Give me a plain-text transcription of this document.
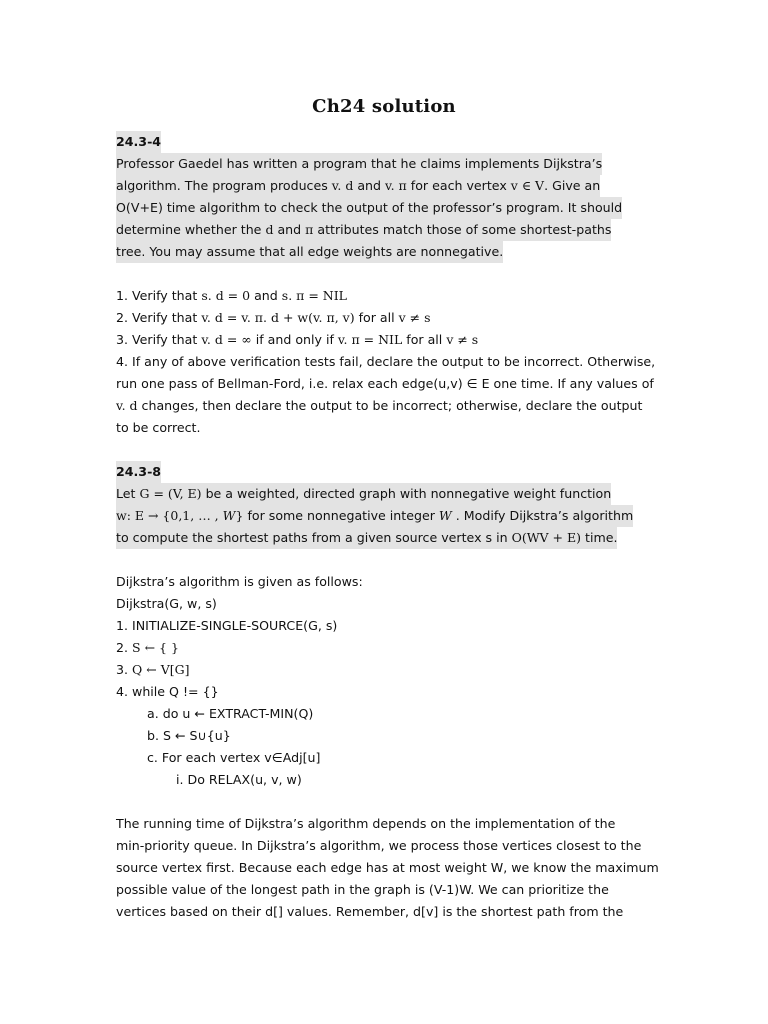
Ch24 solution
24.3-4
Professor Gaedel has written a program that he claims implements Dijkstra’s
algorithm. The program produces v. d and v. π for each vertex v ∈ V. Give an
O(V+E) time algorithm to check the output of the professor’s program. It should
determine whether the d and π attributes match those of some shortest-paths
tree. You may assume that all edge weights are nonnegative.
1. Verify that s. d = 0 and s. π = NIL
2. Verify that v. d = v. π. d + w(v. π, v) for all v ≠ s
3. Verify that v. d = ∞ if and only if v. π = NIL for all v ≠ s
4. If any of above verification tests fail, declare the output to be incorrect. Otherwise,
run one pass of Bellman-Ford, i.e. relax each edge(u,v) ∈ E one time. If any values of
v. d changes, then declare the output to be incorrect; otherwise, declare the output
to be correct.
24.3-8
Let G = (V, E) be a weighted, directed graph with nonnegative weight function
w: E → {0,1, … , W} for some nonnegative integer W . Modify Dijkstra’s algorithm
to compute the shortest paths from a given source vertex s in O(WV + E) time.
Dijkstra’s algorithm is given as follows:
Dijkstra(G, w, s)
1. INITIALIZE-SINGLE-SOURCE(G, s)
2. S ← { }
3. Q ← V[G]
4. while Q != {}
a. do u ← EXTRACT-MIN(Q)
b. S ← S∪{u}
c. For each vertex v∈Adj[u]
i. Do RELAX(u, v, w)
The running time of Dijkstra’s algorithm depends on the implementation of the
min-priority queue. In Dijkstra’s algorithm, we process those vertices closest to the
source vertex first. Because each edge has at most weight W, we know the maximum
possible value of the longest path in the graph is (V-1)W. We can prioritize the
vertices based on their d[] values. Remember, d[v] is the shortest path from the
